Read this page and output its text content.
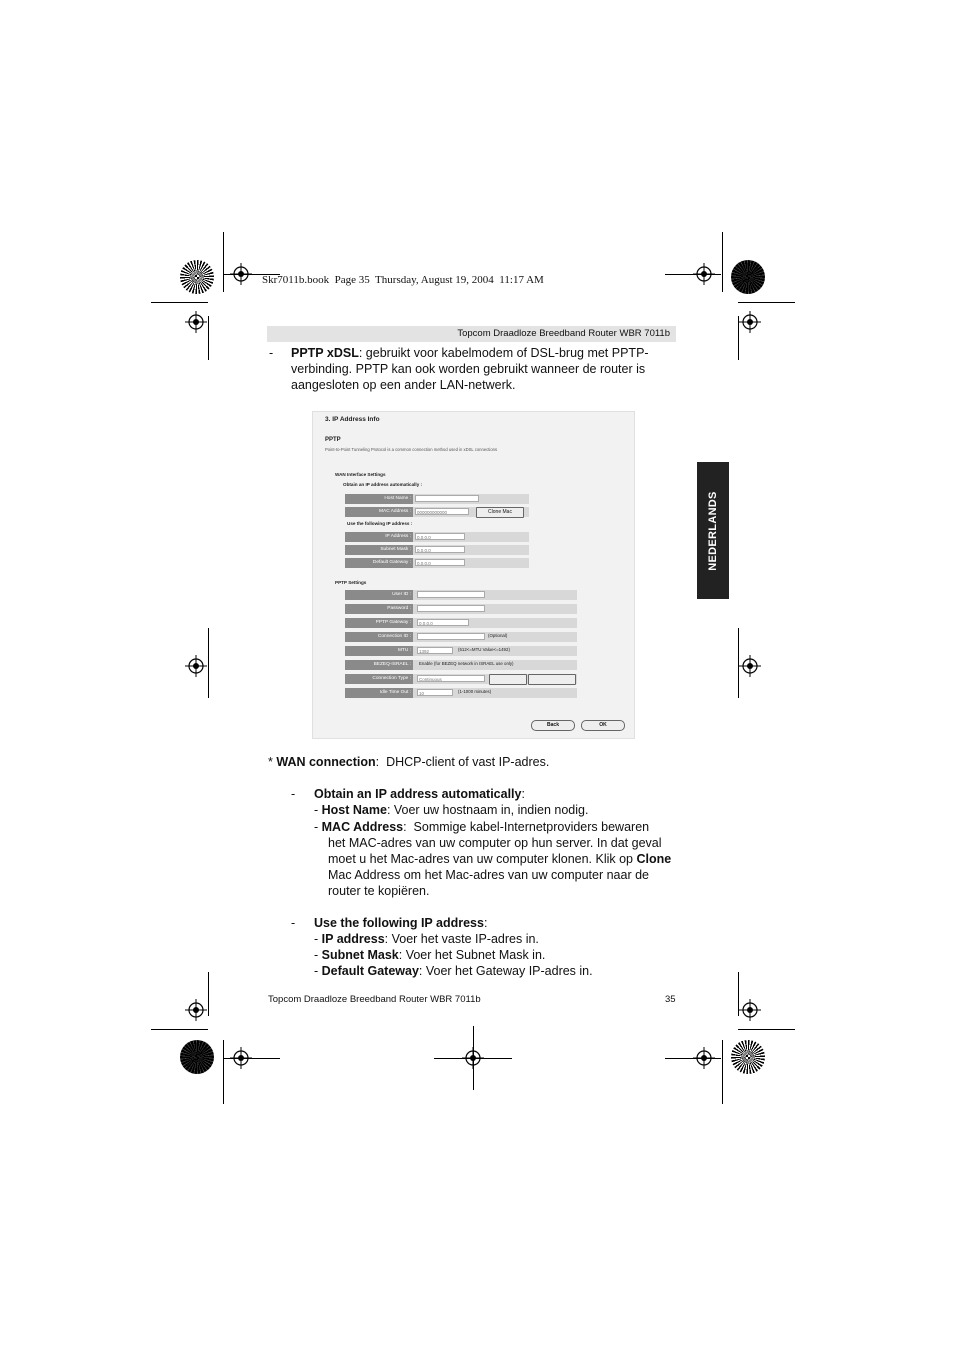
Skr7011b.book  Page 35  Thursday, August 19, 2004  11:17 AM
Topcom Draadloze Breedband Router WBR 7011b
NEDERLANDS
- PPTP xDSL: gebruikt voor kabelmodem of DSL-brug met PPTP-
verbinding. PPTP kan ook worden gebruikt wanneer de router is
aangesloten op een ander LAN-netwerk.
3. IP Address Info
PPTP
Point-to-Point Tunneling Protocol is a common connection method used in xDSL connections
WAN Interface Settings
Obtain an IP address automatically :
Host Name :
MAC Address :	000000000000	Clone Mac
Use the following IP address :
IP Address :	0.0.0.0
Subnet Mask :	0.0.0.0
Default Gateway :	0.0.0.0
PPTP Settings
User ID :
Password :
PPTP Gateway :	0.0.0.0
Connection ID :	(Optional)
MTU :	1392	(512<=MTU Value<=1492)
BEZEQ-ISRAEL :	Enable (for BEZEQ network in ISRAEL use only)
Connection Type :	Continuous
Idle Time Out :	10	(1-1000 minutes)
Back	OK
* WAN connection:  DHCP-client of vast IP-adres.
- Obtain an IP address automatically:
- Host Name: Voer uw hostnaam in, indien nodig.
- MAC Address:  Sommige kabel-Internetproviders bewaren
het MAC-adres van uw computer op hun server. In dat geval
moet u het Mac-adres van uw computer klonen. Klik op Clone
Mac Address om het Mac-adres van uw computer naar de
router te kopiëren.
- Use the following IP address:
- IP address: Voer het vaste IP-adres in.
- Subnet Mask: Voer het Subnet Mask in.
- Default Gateway: Voer het Gateway IP-adres in.
Topcom Draadloze Breedband Router WBR 7011b	35
